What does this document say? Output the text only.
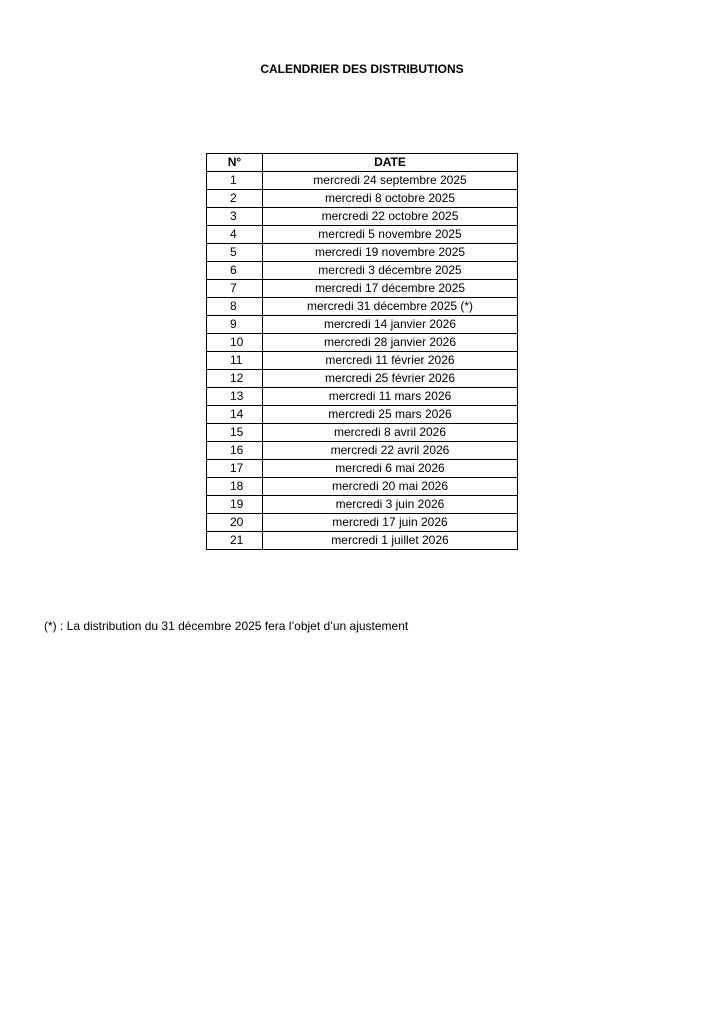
CALENDRIER DES DISTRIBUTIONS
N°	DATE
1	mercredi 24 septembre 2025
2	mercredi 8 octobre 2025
3	mercredi 22 octobre 2025
4	mercredi 5 novembre 2025
5	mercredi 19 novembre 2025
6	mercredi 3 décembre 2025
7	mercredi 17 décembre 2025
8	mercredi 31 décembre 2025 (*)
9	mercredi 14 janvier 2026
10	mercredi 28 janvier 2026
11	mercredi 11 février 2026
12	mercredi 25 février 2026
13	mercredi 11 mars 2026
14	mercredi 25 mars 2026
15	mercredi 8 avril 2026
16	mercredi 22 avril 2026
17	mercredi 6 mai 2026
18	mercredi 20 mai 2026
19	mercredi 3 juin 2026
20	mercredi 17 juin 2026
21	mercredi 1 juillet 2026
(*) : La distribution du 31 décembre 2025 fera l’objet d’un ajustement
